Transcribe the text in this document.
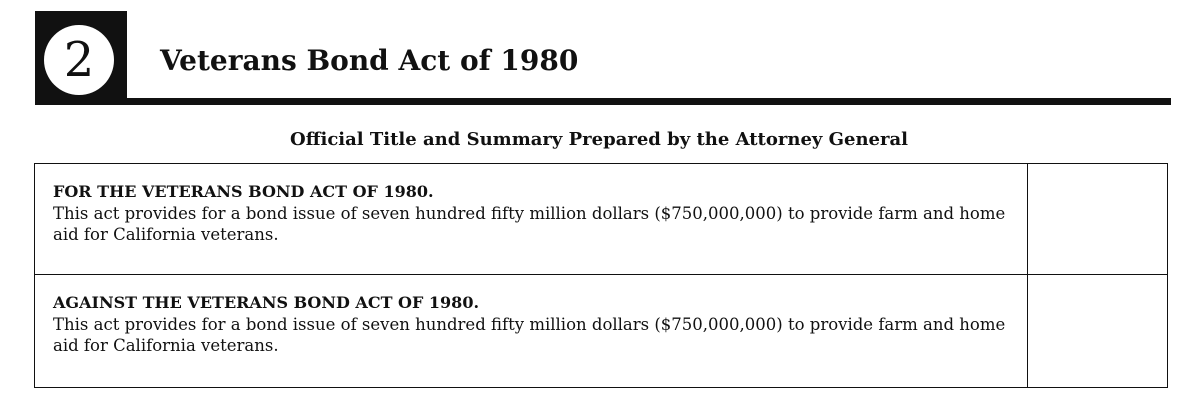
2	Veterans Bond Act of 1980
Official Title and Summary Prepared by the Attorney General
FOR THE VETERANS BOND ACT OF 1980.
This act provides for a bond issue of seven hundred fifty million dollars ($750,000,000) to provide farm and home aid for California veterans.
AGAINST THE VETERANS BOND ACT OF 1980.
This act provides for a bond issue of seven hundred fifty million dollars ($750,000,000) to provide farm and home aid for California veterans.
